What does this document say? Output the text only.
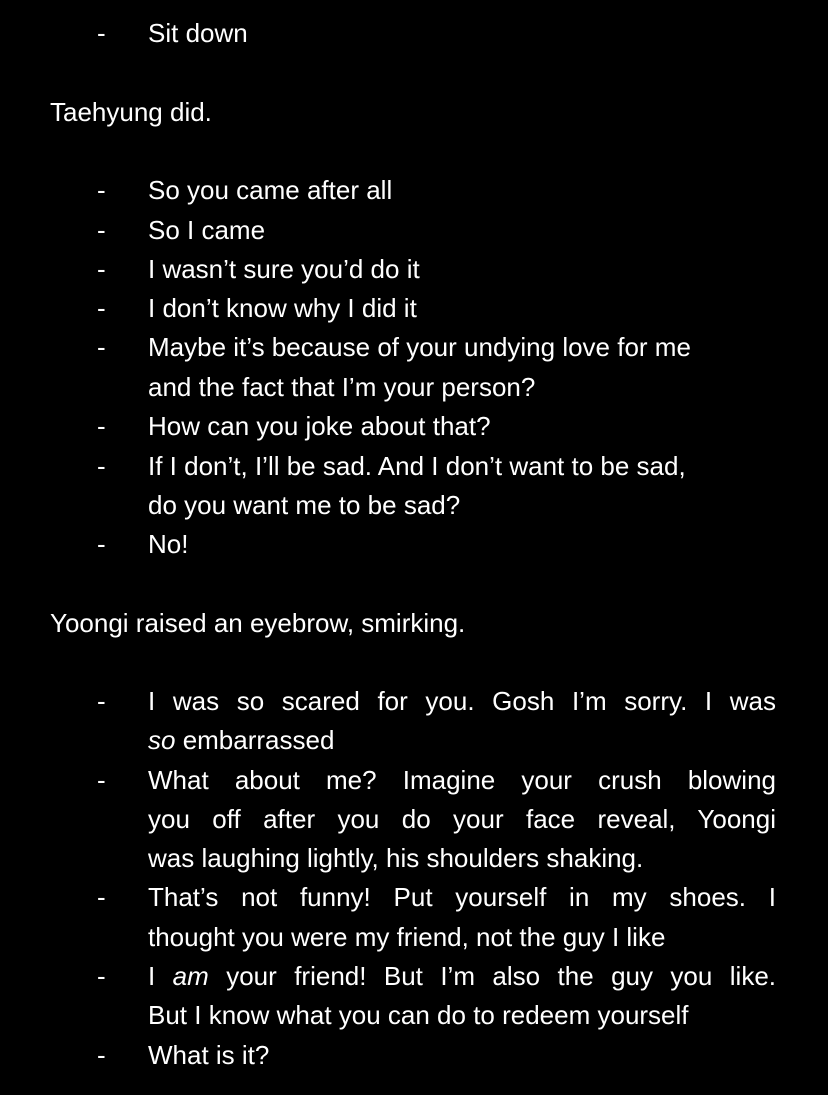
- Sit down
Taehyung did.
- So you came after all
- So I came
- I wasn’t sure you’d do it
- I don’t know why I did it
- Maybe it’s because of your undying love for me
and the fact that I’m your person?
- How can you joke about that?
- If I don’t, I’ll be sad. And I don’t want to be sad,
do you want me to be sad?
- No!
Yoongi raised an eyebrow, smirking.
- I was so scared for you. Gosh I’m sorry. I was
so embarrassed
- What about me? Imagine your crush blowing
you off after you do your face reveal, Yoongi
was laughing lightly, his shoulders shaking.
- That’s not funny! Put yourself in my shoes. I
thought you were my friend, not the guy I like
- I am your friend! But I’m also the guy you like.
But I know what you can do to redeem yourself
- What is it?
